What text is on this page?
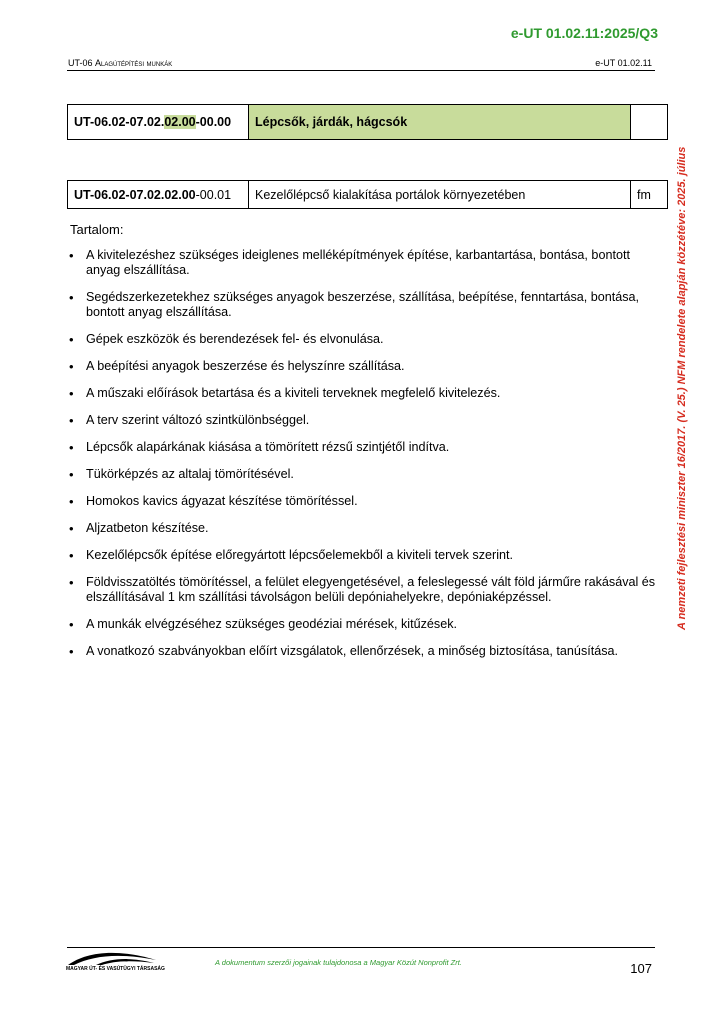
e-UT 01.02.11:2025/Q3
UT-06 Alagútépítési munkák	e-UT 01.02.11
UT-06.02-07.02.02.00-00.00	Lépcsők, járdák, hágcsók	
UT-06.02-07.02.02.00-00.01	Kezelőlépcső kialakítása portálok környezetében	fm
Tartalom:
• A kivitelezéshez szükséges ideiglenes melléképítmények építése, karbantartása, bontása, bontott anyag elszállítása.
• Segédszerkezetekhez szükséges anyagok beszerzése, szállítása, beépítése, fenntartása, bontása, bontott anyag elszállítása.
• Gépek eszközök és berendezések fel- és elvonulása.
• A beépítési anyagok beszerzése és helyszínre szállítása.
• A műszaki előírások betartása és a kiviteli terveknek megfelelő kivitelezés.
• A terv szerint változó szintkülönbséggel.
• Lépcsők alapárkának kiásása a tömörített rézsű szintjétől indítva.
• Tükörképzés az altalaj tömörítésével.
• Homokos kavics ágyazat készítése tömörítéssel.
• Aljzatbeton készítése.
• Kezelőlépcsők építése előregyártott lépcsőelemekből a kiviteli tervek szerint.
• Földvisszatöltés tömörítéssel, a felület elegyengetésével, a feleslegessé vált föld járműre rakásával és elszállításával 1 km szállítási távolságon belüli depóniahelyekre, depóniaképzéssel.
• A munkák elvégzéséhez szükséges geodéziai mérések, kitűzések.
• A vonatkozó szabványokban előírt vizsgálatok, ellenőrzések, a minőség biztosítása, tanúsítása.
A nemzeti fejlesztési miniszter 16/2017. (V. 25.) NFM rendelete alapján közzétéve: 2025. július
MAGYAR ÚT- ÉS VASÚTÜGYI TÁRSASÁG
A dokumentum szerzői jogainak tulajdonosa a Magyar Közút Nonprofit Zrt.	107
